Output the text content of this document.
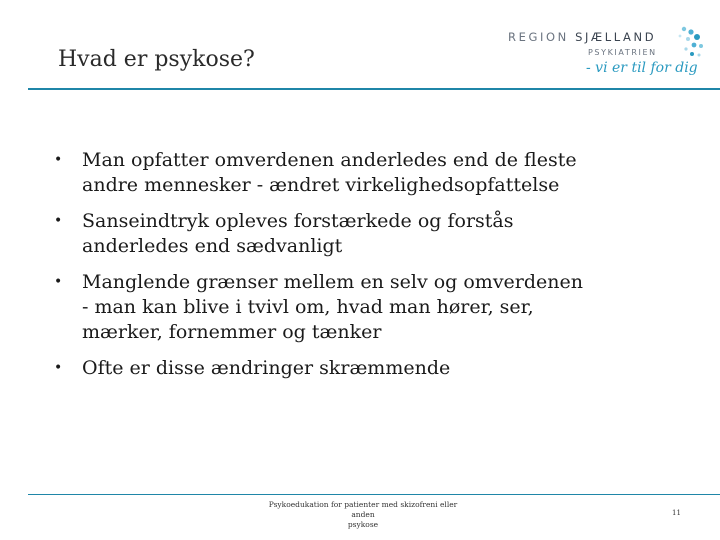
Hvad er psykose?
REGION SJÆLLAND
PSYKIATRIEN
- vi er til for dig
• Man opfatter omverdenen anderledes end de fleste
andre mennesker - ændret virkelighedsopfattelse
• Sanseindtryk opleves forstærkede og forstås
anderledes end sædvanligt
• Manglende grænser mellem en selv og omverdenen
- man kan blive i tvivl om, hvad man hører, ser,
mærker, fornemmer og tænker
• Ofte er disse ændringer skræmmende
Psykoedukation for patienter med skizofreni eller anden
psykose
11
